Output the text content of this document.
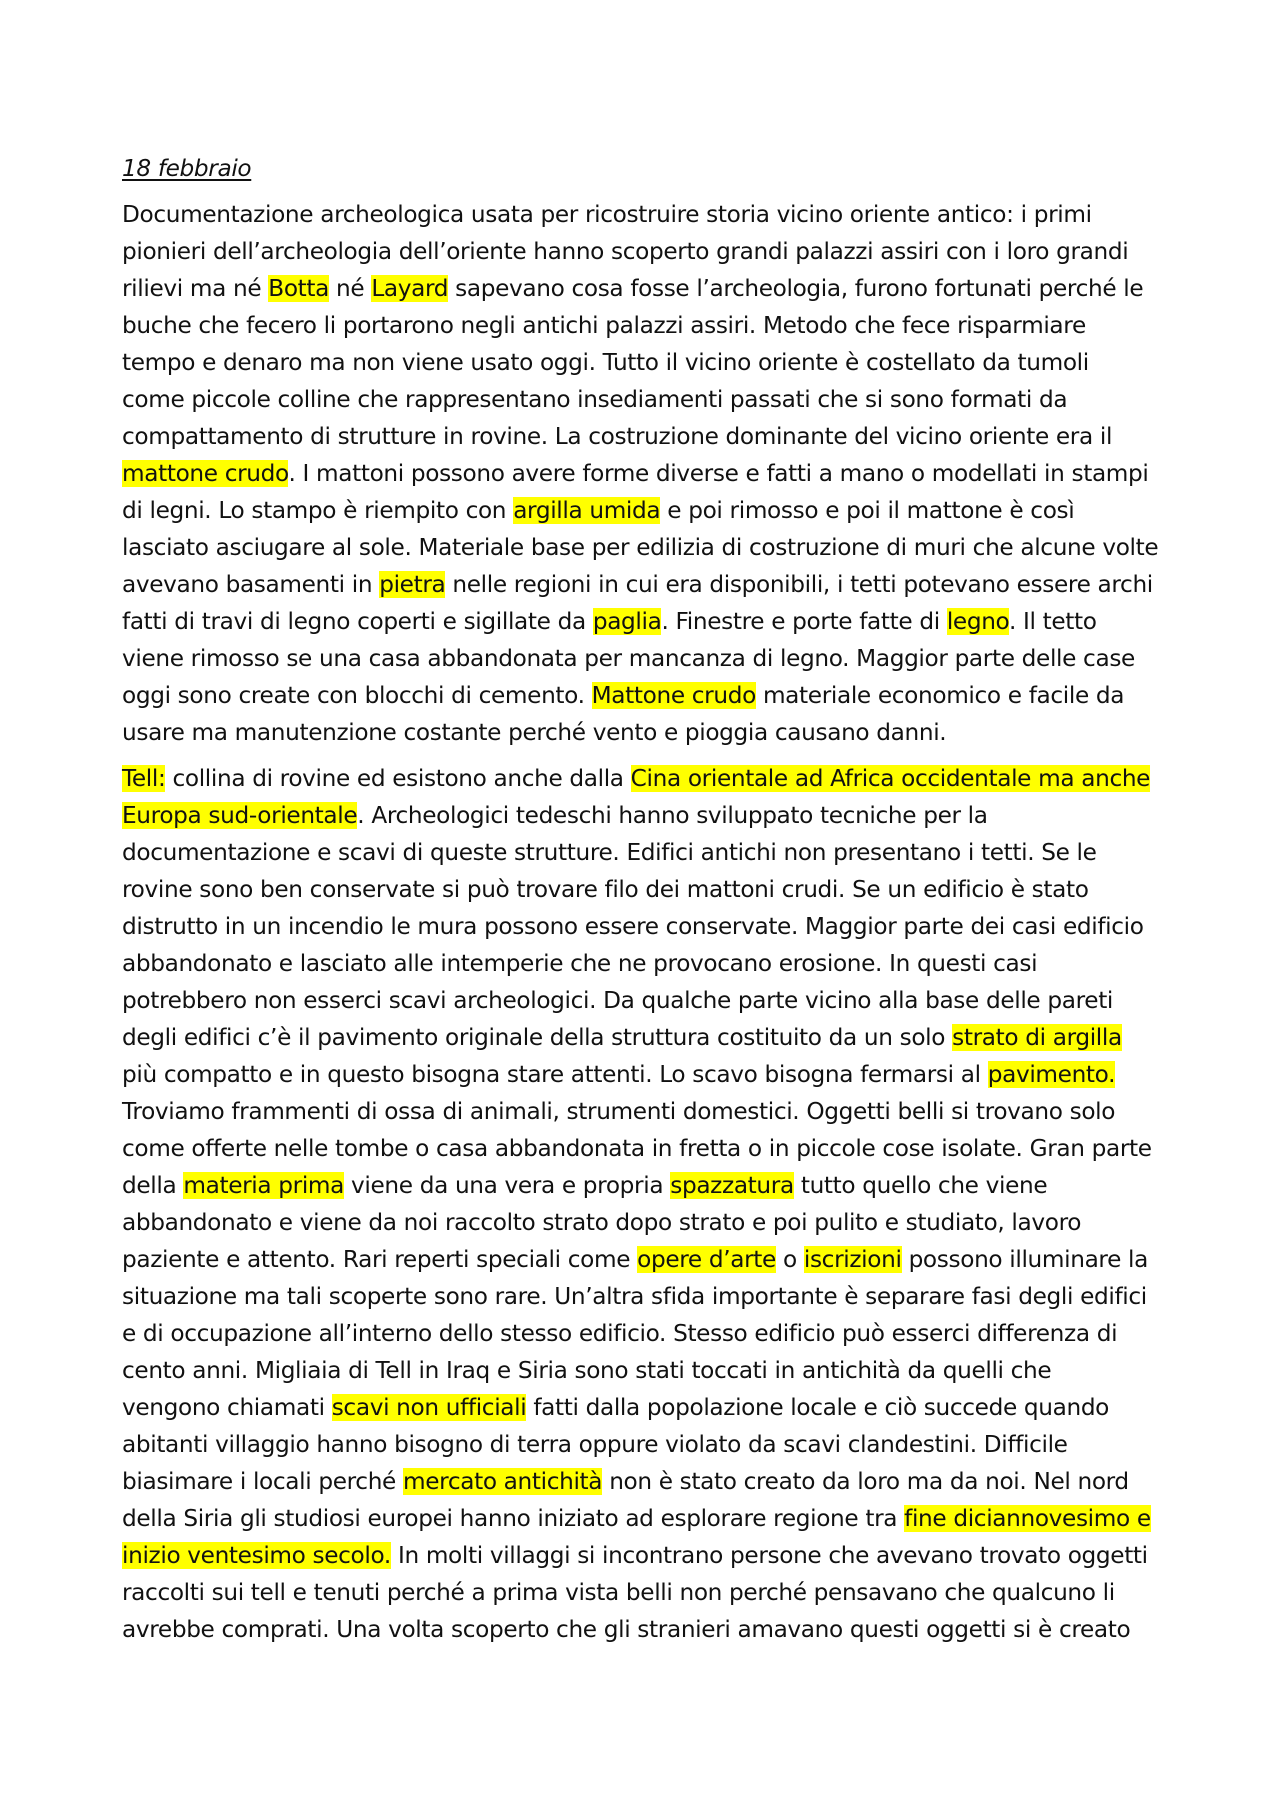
18 febbraio
Documentazione archeologica usata per ricostruire storia vicino oriente antico: i primi
pionieri dell’archeologia dell’oriente hanno scoperto grandi palazzi assiri con i loro grandi
rilievi ma né Botta né Layard sapevano cosa fosse l’archeologia, furono fortunati perché le
buche che fecero li portarono negli antichi palazzi assiri. Metodo che fece risparmiare
tempo e denaro ma non viene usato oggi. Tutto il vicino oriente è costellato da tumoli
come piccole colline che rappresentano insediamenti passati che si sono formati da
compattamento di strutture in rovine. La costruzione dominante del vicino oriente era il
mattone crudo. I mattoni possono avere forme diverse e fatti a mano o modellati in stampi
di legni. Lo stampo è riempito con argilla umida e poi rimosso e poi il mattone è così
lasciato asciugare al sole. Materiale base per edilizia di costruzione di muri che alcune volte
avevano basamenti in pietra nelle regioni in cui era disponibili, i tetti potevano essere archi
fatti di travi di legno coperti e sigillate da paglia. Finestre e porte fatte di legno. Il tetto
viene rimosso se una casa abbandonata per mancanza di legno. Maggior parte delle case
oggi sono create con blocchi di cemento. Mattone crudo materiale economico e facile da
usare ma manutenzione costante perché vento e pioggia causano danni.
Tell: collina di rovine ed esistono anche dalla Cina orientale ad Africa occidentale ma anche
Europa sud-orientale. Archeologici tedeschi hanno sviluppato tecniche per la
documentazione e scavi di queste strutture. Edifici antichi non presentano i tetti. Se le
rovine sono ben conservate si può trovare filo dei mattoni crudi. Se un edificio è stato
distrutto in un incendio le mura possono essere conservate. Maggior parte dei casi edificio
abbandonato e lasciato alle intemperie che ne provocano erosione. In questi casi
potrebbero non esserci scavi archeologici. Da qualche parte vicino alla base delle pareti
degli edifici c’è il pavimento originale della struttura costituito da un solo strato di argilla
più compatto e in questo bisogna stare attenti. Lo scavo bisogna fermarsi al pavimento.
Troviamo frammenti di ossa di animali, strumenti domestici. Oggetti belli si trovano solo
come offerte nelle tombe o casa abbandonata in fretta o in piccole cose isolate. Gran parte
della materia prima viene da una vera e propria spazzatura tutto quello che viene
abbandonato e viene da noi raccolto strato dopo strato e poi pulito e studiato, lavoro
paziente e attento. Rari reperti speciali come opere d’arte o iscrizioni possono illuminare la
situazione ma tali scoperte sono rare. Un’altra sfida importante è separare fasi degli edifici
e di occupazione all’interno dello stesso edificio. Stesso edificio può esserci differenza di
cento anni. Migliaia di Tell in Iraq e Siria sono stati toccati in antichità da quelli che
vengono chiamati scavi non ufficiali fatti dalla popolazione locale e ciò succede quando
abitanti villaggio hanno bisogno di terra oppure violato da scavi clandestini. Difficile
biasimare i locali perché mercato antichità non è stato creato da loro ma da noi. Nel nord
della Siria gli studiosi europei hanno iniziato ad esplorare regione tra fine diciannovesimo e
inizio ventesimo secolo. In molti villaggi si incontrano persone che avevano trovato oggetti
raccolti sui tell e tenuti perché a prima vista belli non perché pensavano che qualcuno li
avrebbe comprati. Una volta scoperto che gli stranieri amavano questi oggetti si è creato
